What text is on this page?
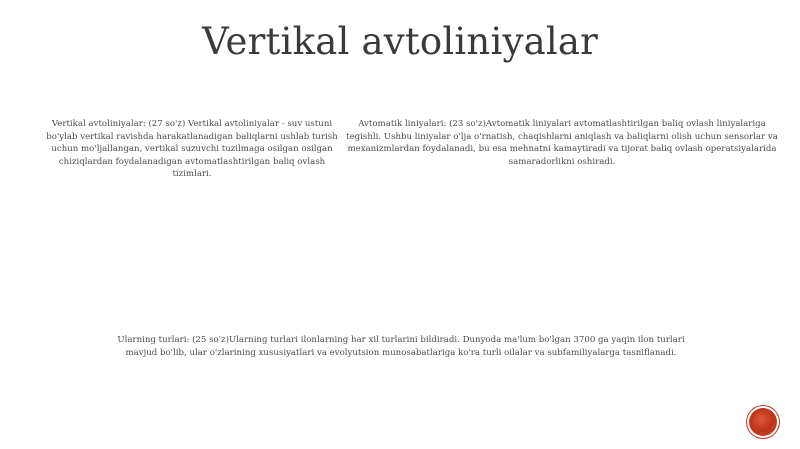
Vertikal avtoliniyalar

Vertikal avtoliniyalar: (27 so'z) Vertikal avtoliniyalar - suv ustuni bo'ylab vertikal ravishda harakatlanadigan baliqlarni ushlab turish uchun mo'ljallangan, vertikal suzuvchi tuzilmaga osilgan osilgan chiziqlardan foydalanadigan avtomatlashtirilgan baliq ovlash tizimlari.

Avtomatik liniyalari: (23 so'z)Avtomatik liniyalari avtomatlashtirilgan baliq ovlash liniyalariga tegishli. Ushbu liniyalar o'lja o'rnatish, chaqishlarni aniqlash va baliqlarni olish uchun sensorlar va mexanizmlardan foydalanadi, bu esa mehnatni kamaytiradi va tijorat baliq ovlash operatsiyalarida samaradorlikni oshiradi.

Ularning turlari: (25 so'z)Ularning turlari ilonlarning har xil turlarini bildiradi. Dunyoda ma'lum bo'lgan 3700 ga yaqin ilon turlari mavjud bo'lib, ular o'zlarining xususiyatlari va evolyutsion munosabatlariga ko'ra turli oilalar va subfamiliyalarga tasniflanadi.
